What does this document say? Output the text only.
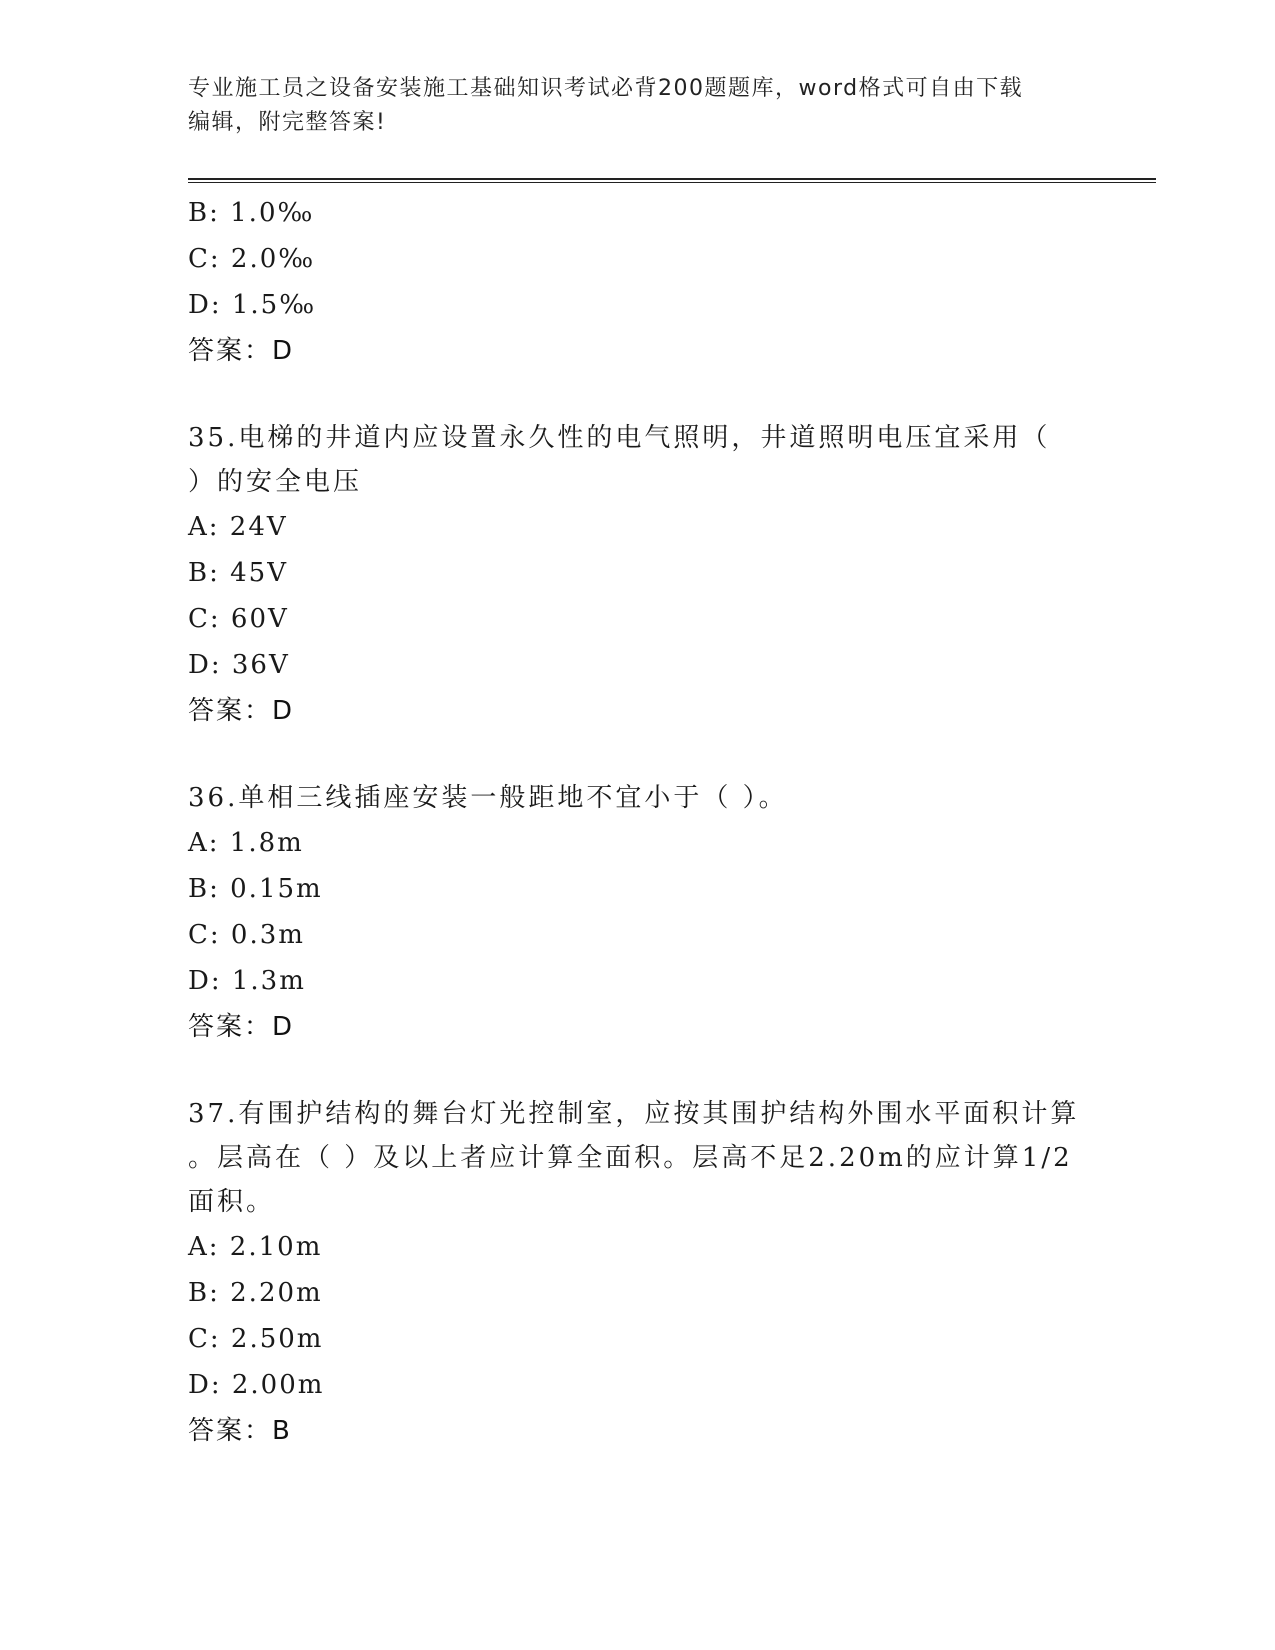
专业施工员之设备安装施工基础知识考试必背200题题库，word格式可自由下载
编辑，附完整答案!
B: 1.0‰
C: 2.0‰
D: 1.5‰
答案：D
35.电梯的井道内应设置永久性的电气照明，井道照明电压宜采用（
）的安全电压
A: 24V
B: 45V
C: 60V
D: 36V
答案：D
36.单相三线插座安装一般距地不宜小于（ ）。
A: 1.8m
B: 0.15m
C: 0.3m
D: 1.3m
答案：D
37.有围护结构的舞台灯光控制室，应按其围护结构外围水平面积计算
。层高在（ ）及以上者应计算全面积。层高不足2.20m的应计算1/2
面积。
A: 2.10m
B: 2.20m
C: 2.50m
D: 2.00m
答案：B
